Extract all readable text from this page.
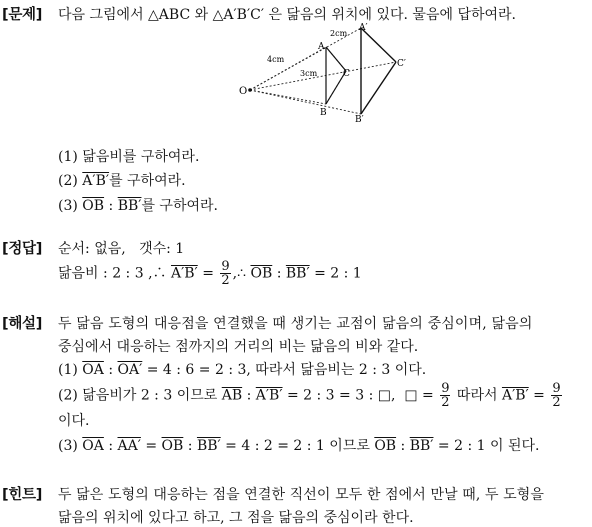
[문제] 다음 그림에서 △ABC 와 △A′B′C′ 은 닮음의 위치에 있다. 물음에 답하여라.
O
A
B
C
A′
B′
C′
4cm
2cm
3cm
(1) 닮음비를 구하여라.
(2) A′B′를 구하여라.
(3) $\overline{OB}$ : BB′를 구하여라.
[정답] 순서: 없음,   갯수: 1
닮음비 : 2 : 3 ,∴ $A'B' = \frac{9}{2}$ ,∴ $\overline{OB}$ : BB′ = 2 : 1
[해설] 두 닮음 도형의 대응점을 연결했을 때 생기는 교점이 닮음의 중심이며, 닮음의
중심에서 대응하는 점까지의 거리의 비는 닮음의 비와 같다.
(1) $\overline{OA}$ : OA′ = 4 : 6 = 2 : 3, 따라서 닮음비는 2 : 3 이다.
(2) 닮음비가 2 : 3 이므로 $\overline{AB}$ : A′B′ = 2 : 3 = 3 : □,  □ = $\frac{9}{2}$ 따라서 $A'B' = \frac{9}{2}$
이다.
(3) $\overline{OA}$ : $AA' = \overline{OB}$ : BB′ = 4 : 2 = 2 : 1 이므로 $\overline{OB}$ : BB′ = 2 : 1 이 된다.
[힌트] 두 닮은 도형의 대응하는 점을 연결한 직선이 모두 한 점에서 만날 때, 두 도형을
닮음의 위치에 있다고 하고, 그 점을 닮음의 중심이라 한다.
